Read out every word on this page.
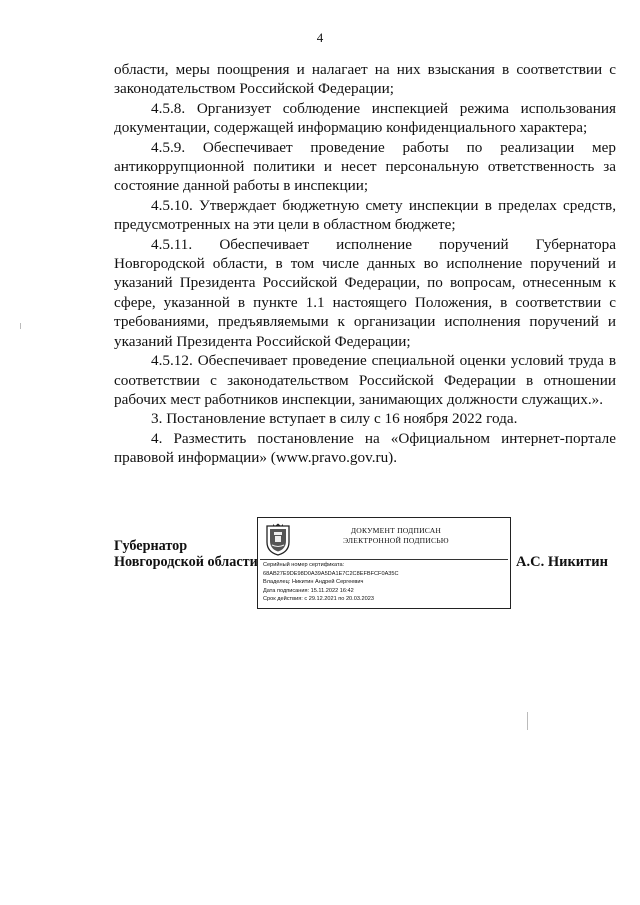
4

области, меры поощрения и налагает на них взыскания в соответствии с законодательством Российской Федерации;

4.5.8. Организует соблюдение инспекцией режима использования документации, содержащей информацию конфиденциального характера;

4.5.9. Обеспечивает проведение работы по реализации мер антикоррупционной политики и несет персональную ответственность за состояние данной работы в инспекции;

4.5.10. Утверждает бюджетную смету инспекции в пределах средств, предусмотренных на эти цели в областном бюджете;

4.5.11. Обеспечивает исполнение поручений Губернатора Новгородской области, в том числе данных во исполнение поручений и указаний Президента Российской Федерации, по вопросам, отнесенным к сфере, указанной в пункте 1.1 настоящего Положения, в соответствии с требованиями, предъявляемыми к организации исполнения поручений и указаний Президента Российской Федерации;

4.5.12. Обеспечивает проведение специальной оценки условий труда в соответствии с законодательством Российской Федерации в отношении рабочих мест работников инспекции, занимающих должности служащих.».

3. Постановление вступает в силу с 16 ноября 2022 года.

4. Разместить постановление на «Официальном интернет-портале правовой информации» (www.pravo.gov.ru).

Губернатор
Новгородской области
ДОКУМЕНТ ПОДПИСАН
ЭЛЕКТРОННОЙ ПОДПИСЬЮ
Серийный номер сертификата:
68AB27E9DE98D0A39A5DA1E7C2C8EFBFCF0A35C
Владелец: Никитин Андрей Сергеевич
Дата подписания: 15.11.2022 16:42
Срок действия: с 29.12.2021 по 20.03.2023
А.С. Никитин
